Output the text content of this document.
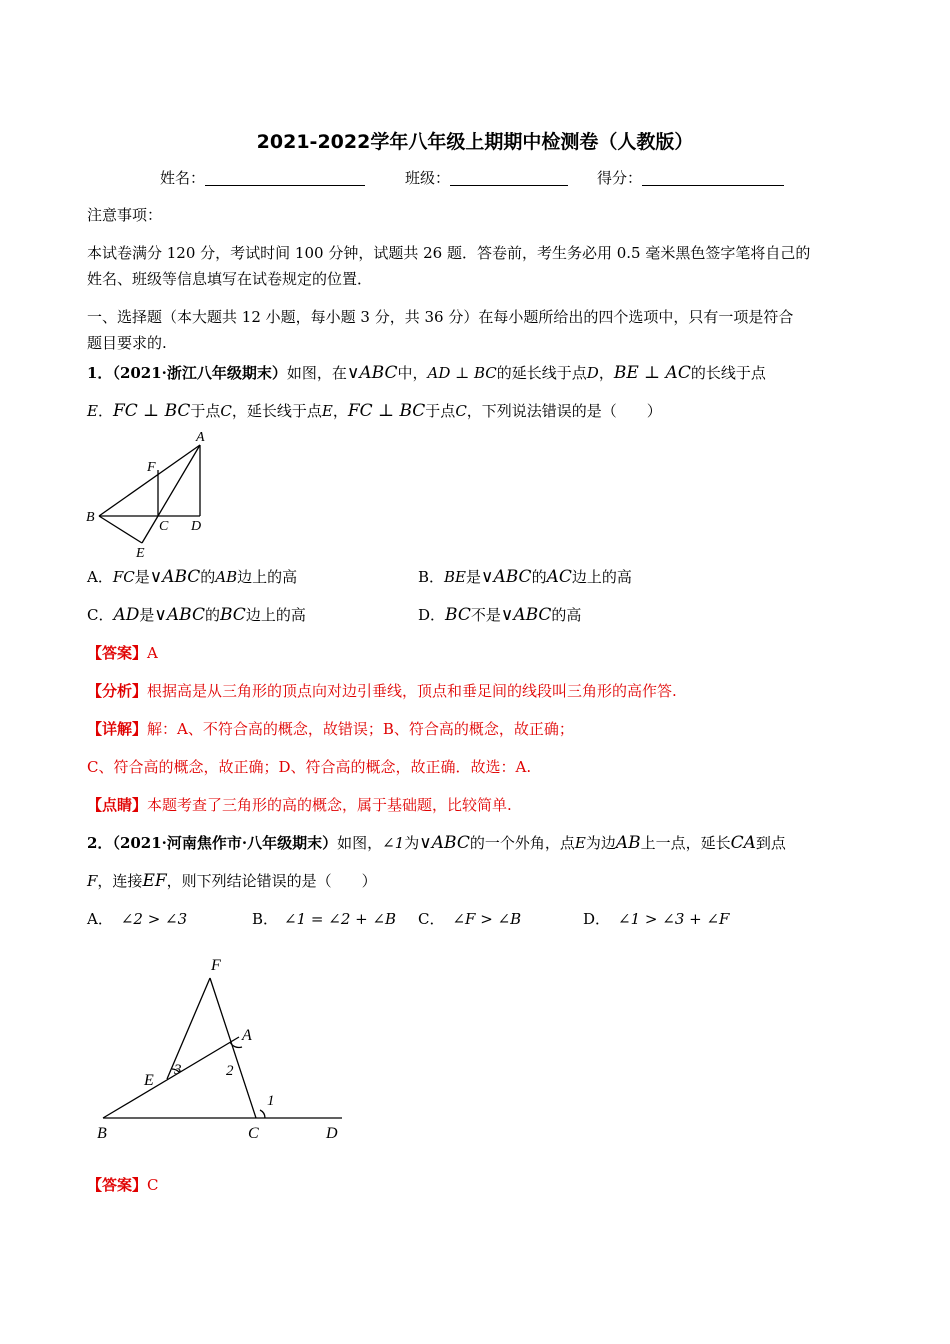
2021-2022学年八年级上期期中检测卷（人教版）
姓名：	班级：	得分：
注意事项：
本试卷满分 120 分，考试时间 100 分钟，试题共 26 题．答卷前，考生务必用 0.5 毫米黑色签字笔将自己的
姓名、班级等信息填写在试卷规定的位置．
一、选择题（本大题共 12 小题，每小题 3 分，共 36 分）在每小题所给出的四个选项中，只有一项是符合
题目要求的.
1．（2021·浙江八年级期末）如图，在∨ABC中，AD ⊥ BC的延长线于点D，BE ⊥ AC的长线于点
E．FC ⊥ BC于点C，延长线于点E，FC ⊥ BC于点C，下列说法错误的是（　　）
A
F
B
C D
E
A．FC是∨ABC的AB边上的高	B．BE是∨ABC的AC边上的高
C．AD是∨ABC的BC边上的高	D．BC不是∨ABC的高
【答案】A
【分析】根据高是从三角形的顶点向对边引垂线，顶点和垂足间的线段叫三角形的高作答.
【详解】解：A、不符合高的概念，故错误；B、符合高的概念，故正确；
C、符合高的概念，故正确；D、符合高的概念，故正确．故选：A.
【点睛】本题考查了三角形的高的概念，属于基础题，比较简单.
2．（2021·河南焦作市·八年级期末）如图，∠1为∨ABC的一个外角，点E为边AB上一点，延长CA到点
F，连接EF，则下列结论错误的是（　　）
A． ∠2 > ∠3	B． ∠1 = ∠2 + ∠B C． ∠F > ∠B	D． ∠1 > ∠3 + ∠F
F
A
E
3	2
1
B	C	D
【答案】C
